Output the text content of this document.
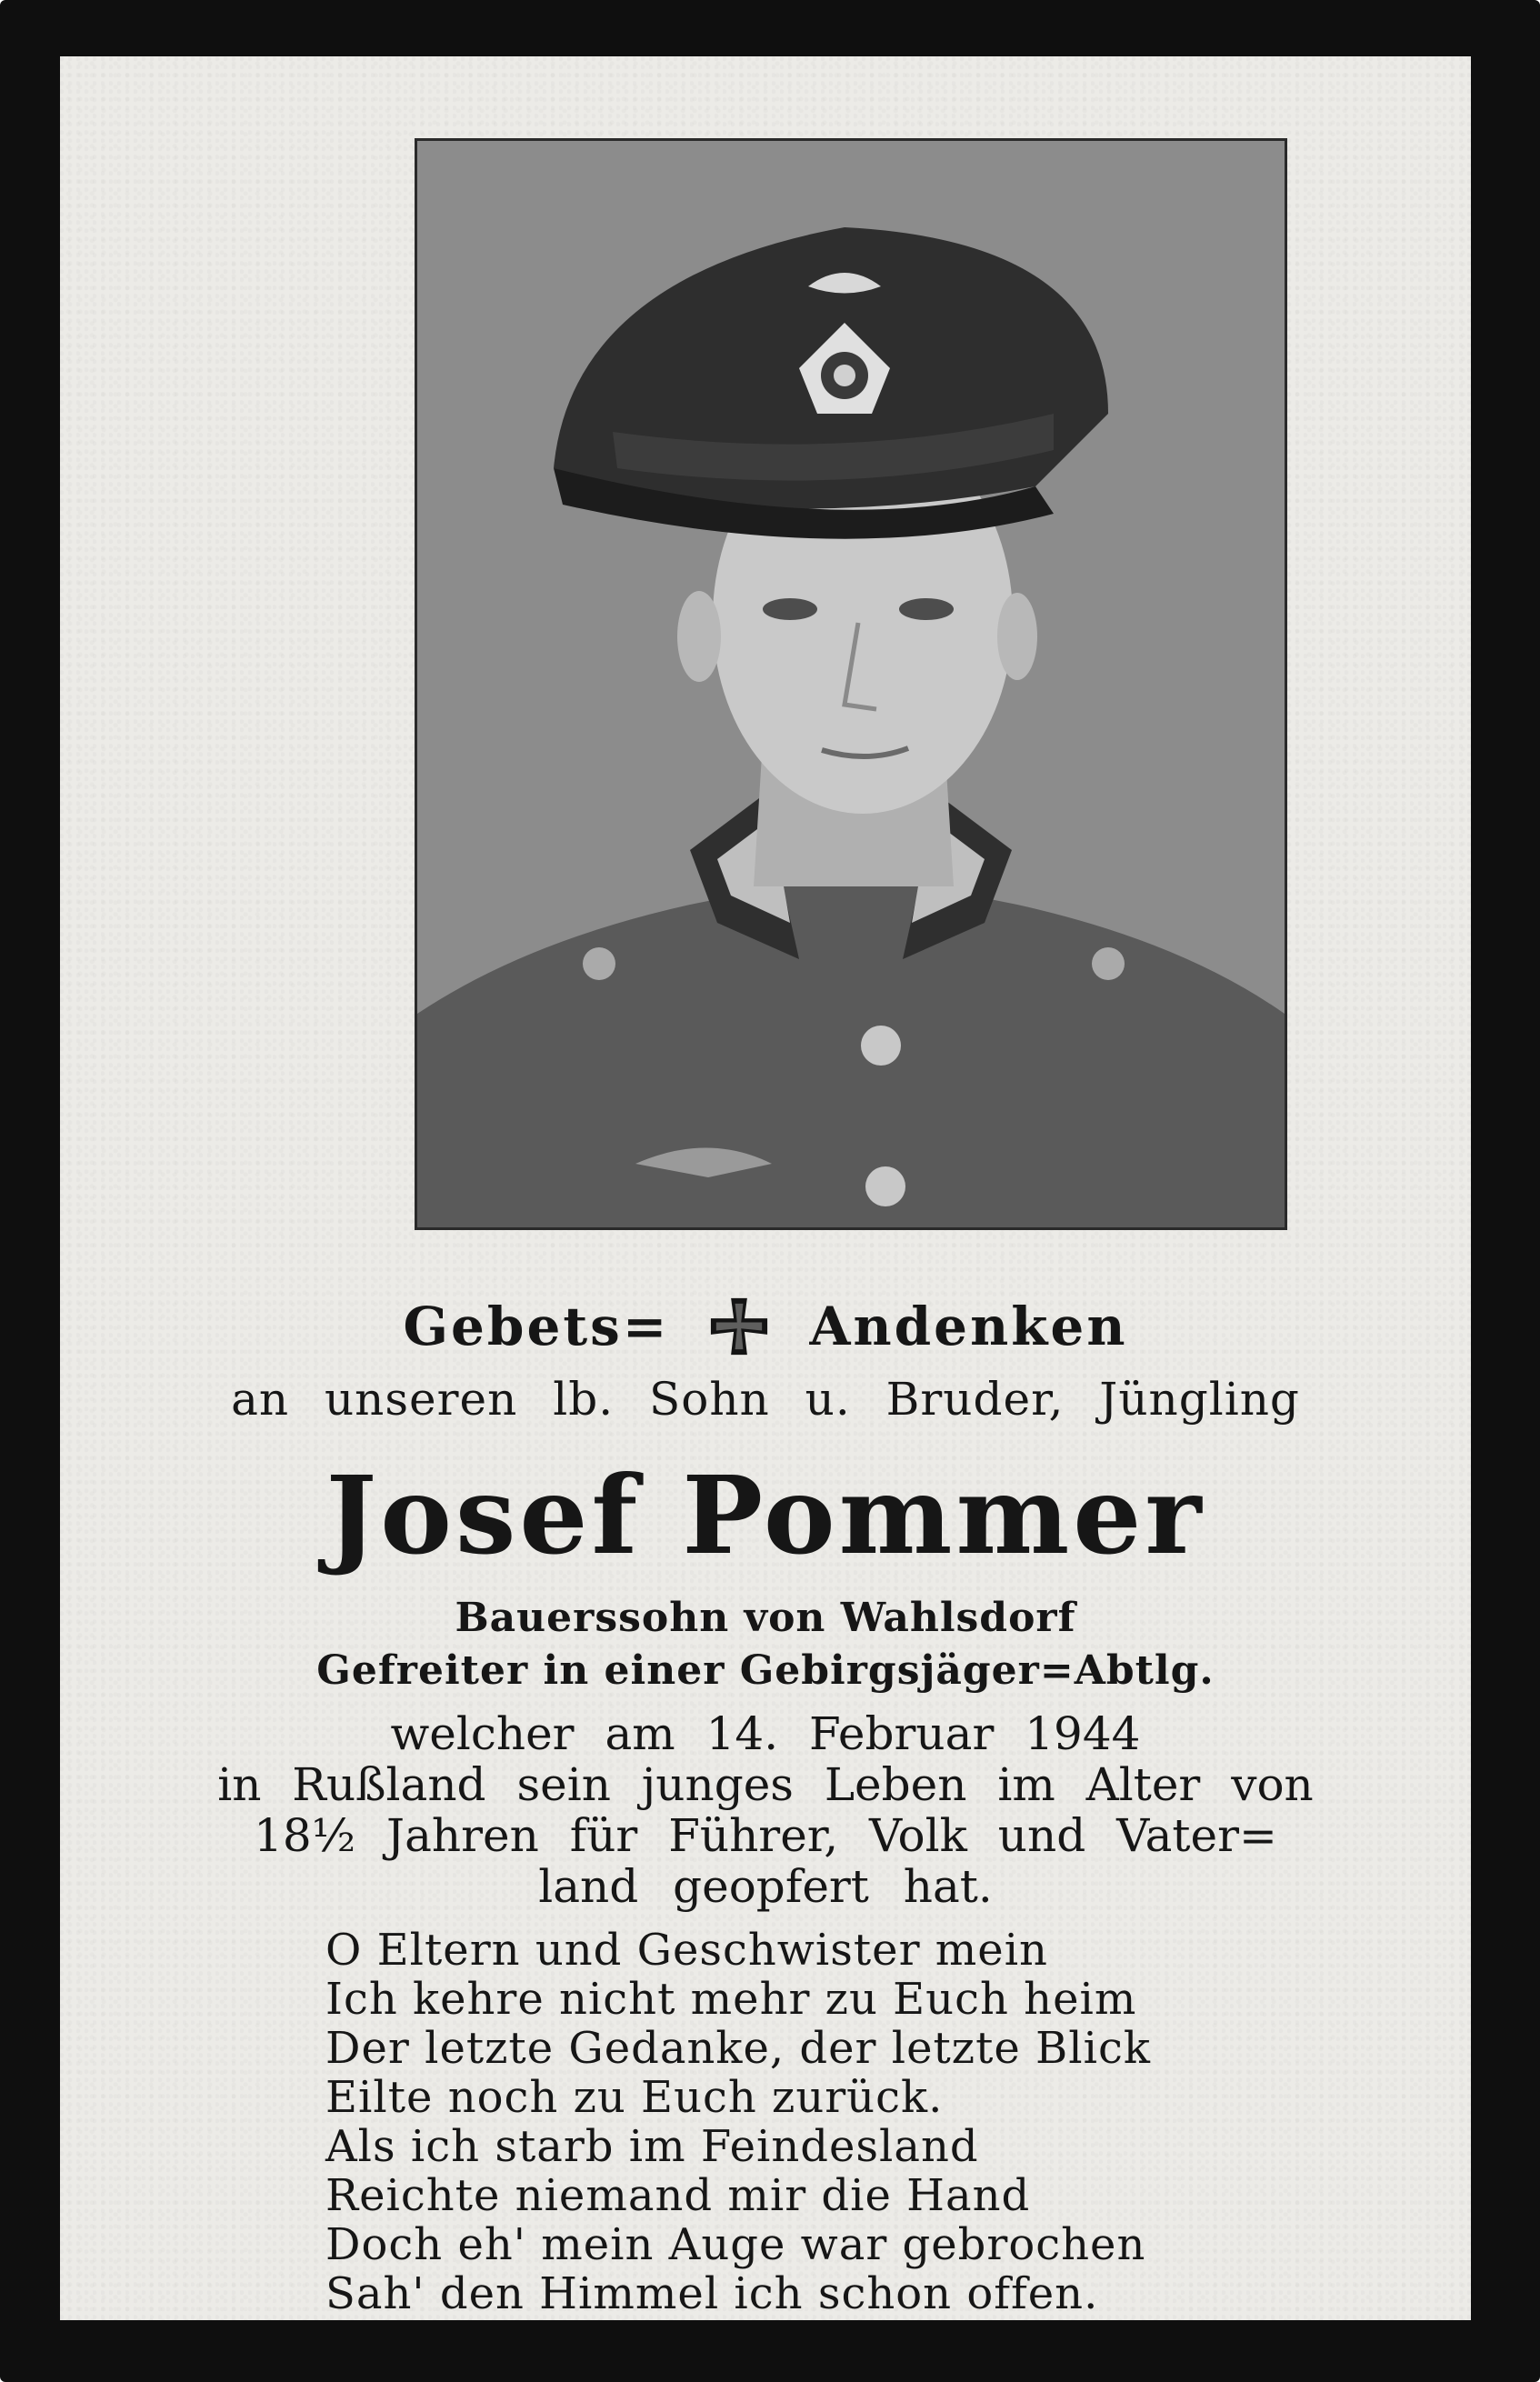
Gebets=	Andenken

an unseren lb. Sohn u. Bruder, Jüngling

Josef Pommer

Bauerssohn von Wahlsdorf

Gefreiter in einer Gebirgsjäger=Abtlg.

welcher am 14. Februar 1944

in Rußland sein junges Leben im Alter von

18½ Jahren für Führer, Volk und Vater=

land geopfert hat.

O Eltern und Geschwister mein
Ich kehre nicht mehr zu Euch heim
Der letzte Gedanke, der letzte Blick
Eilte noch zu Euch zurück.
Als ich starb im Feindesland
Reichte niemand mir die Hand
Doch eh' mein Auge war gebrochen
Sah' den Himmel ich schon offen.
